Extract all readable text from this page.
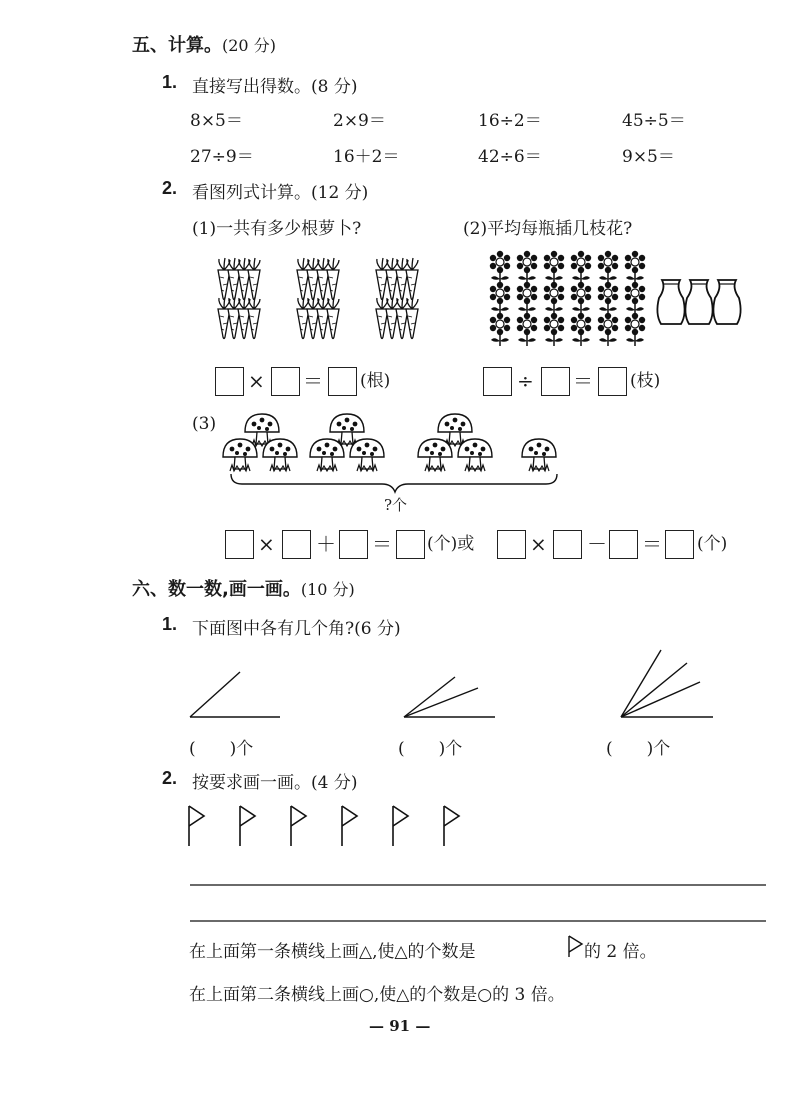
五、计算。(20 分)
1. 直接写出得数。(8 分)
8×5＝	2×9＝	16÷2＝	45÷5＝
27÷9＝	16＋2＝	42÷6＝	9×5＝
2. 看图列式计算。(12 分)
(1)一共有多少根萝卜?	(2)平均每瓶插几枝花?
× ＝ (根)	÷ ＝ (枝)
(3)
?个
× ＋ ＝ (个)或	× － ＝ (个)
六、数一数,画一画。(10 分)
1. 下面图中各有几个角?(6 分)
(　　)个	(　　)个	(　　)个
2. 按要求画一画。(4 分)
在上面第一条横线上画△,使△的个数是	的 2 倍。
在上面第二条横线上画○,使△的个数是○的 3 倍。
— 91 —
